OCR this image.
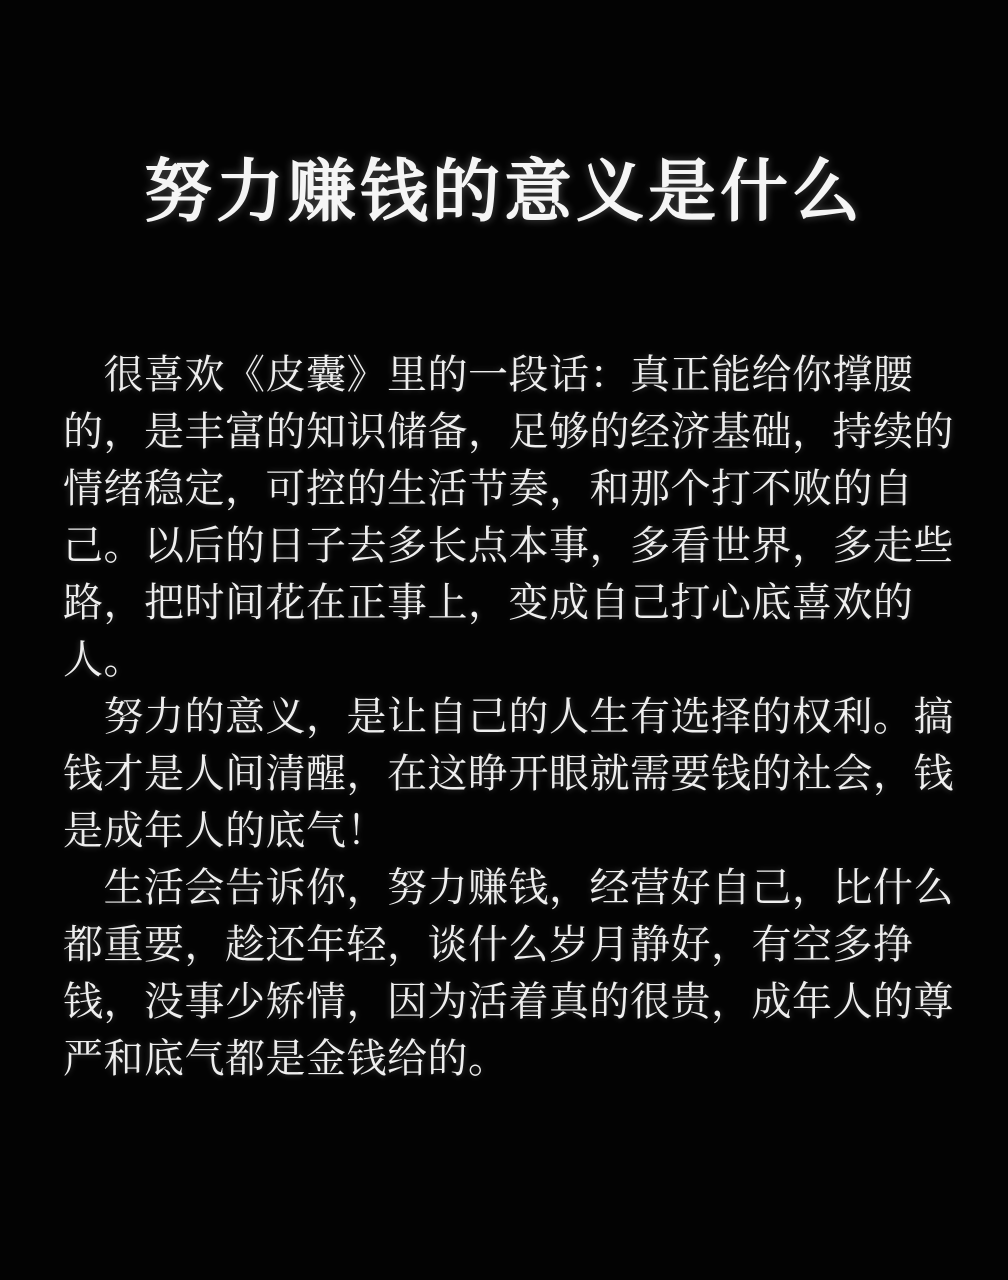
努力赚钱的意义是什么
　很喜欢《皮囊》里的一段话：真正能给你撑腰
的，是丰富的知识储备，足够的经济基础，持续的
情绪稳定，可控的生活节奏，和那个打不败的自
己。以后的日子去多长点本事，多看世界，多走些
路，把时间花在正事上，变成自己打心底喜欢的
人。
　努力的意义，是让自己的人生有选择的权利。搞
钱才是人间清醒，在这睁开眼就需要钱的社会，钱
是成年人的底气！
　生活会告诉你，努力赚钱，经营好自己，比什么
都重要，趁还年轻，谈什么岁月静好，有空多挣
钱，没事少矫情，因为活着真的很贵，成年人的尊
严和底气都是金钱给的。
